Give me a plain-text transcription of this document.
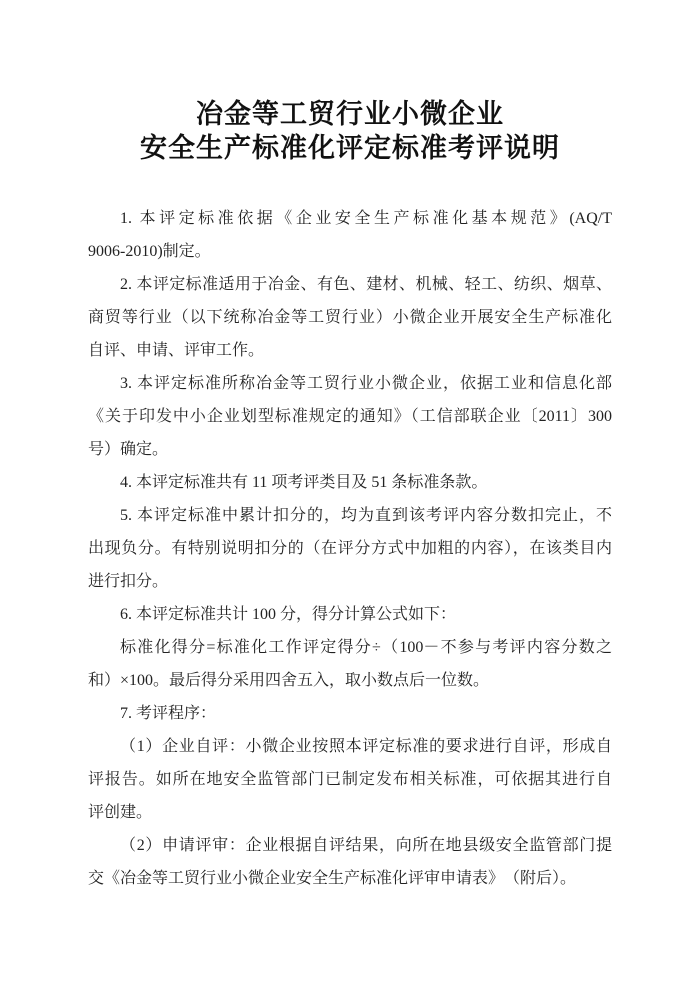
冶金等工贸行业小微企业
安全生产标准化评定标准考评说明
1. 本评定标准依据《企业安全生产标准化基本规范》(AQ/T
9006-2010)制定。
2. 本评定标准适用于冶金、有色、建材、机械、轻工、纺织、烟草、
商贸等行业（以下统称冶金等工贸行业）小微企业开展安全生产标准化
自评、申请、评审工作。
3. 本评定标准所称冶金等工贸行业小微企业，依据工业和信息化部
《关于印发中小企业划型标准规定的通知》（工信部联企业〔2011〕300
号）确定。
4. 本评定标准共有 11 项考评类目及 51 条标准条款。
5. 本评定标准中累计扣分的，均为直到该考评内容分数扣完止，不
出现负分。有特别说明扣分的（在评分方式中加粗的内容），在该类目内
进行扣分。
6. 本评定标准共计 100 分，得分计算公式如下：
标准化得分=标准化工作评定得分÷（100－不参与考评内容分数之
和）×100。最后得分采用四舍五入，取小数点后一位数。
7. 考评程序：
（1）企业自评：小微企业按照本评定标准的要求进行自评，形成自
评报告。如所在地安全监管部门已制定发布相关标准，可依据其进行自
评创建。
（2）申请评审：企业根据自评结果，向所在地县级安全监管部门提
交《冶金等工贸行业小微企业安全生产标准化评审申请表》　（附后）。
